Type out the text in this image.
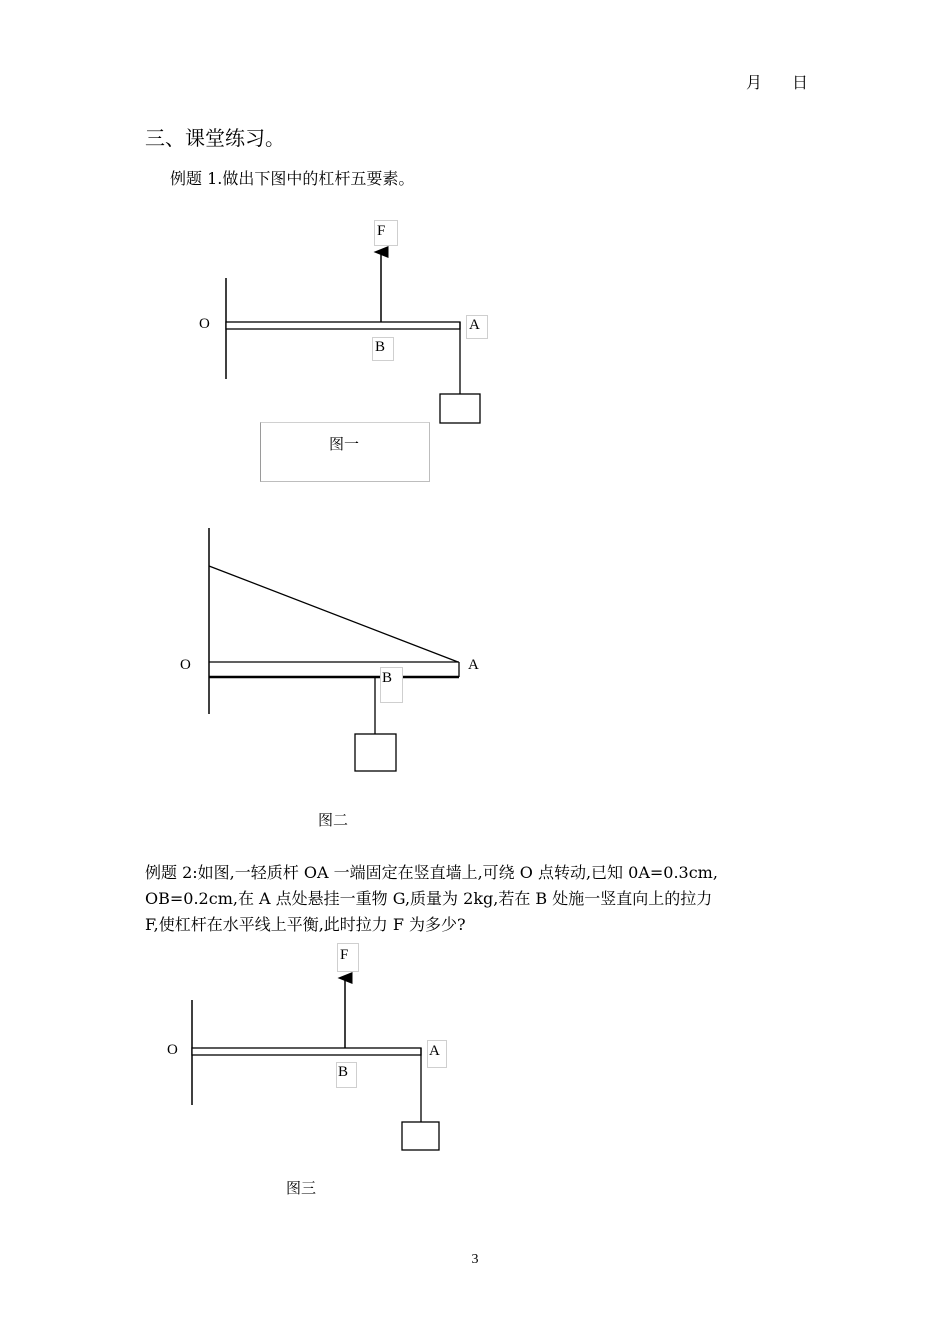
月 日
三、课堂练习。
例题 1.做出下图中的杠杆五要素。
F
O	A
B
图一
O	A
B
图二
例题 2:如图,一轻质杆 OA 一端固定在竖直墙上,可绕 O 点转动,已知 0A=0.3cm,
OB=0.2cm,在 A 点处悬挂一重物 G,质量为 2kg,若在 B 处施一竖直向上的拉力
F,使杠杆在水平线上平衡,此时拉力 F 为多少?
F
O	A
B
图三
3
